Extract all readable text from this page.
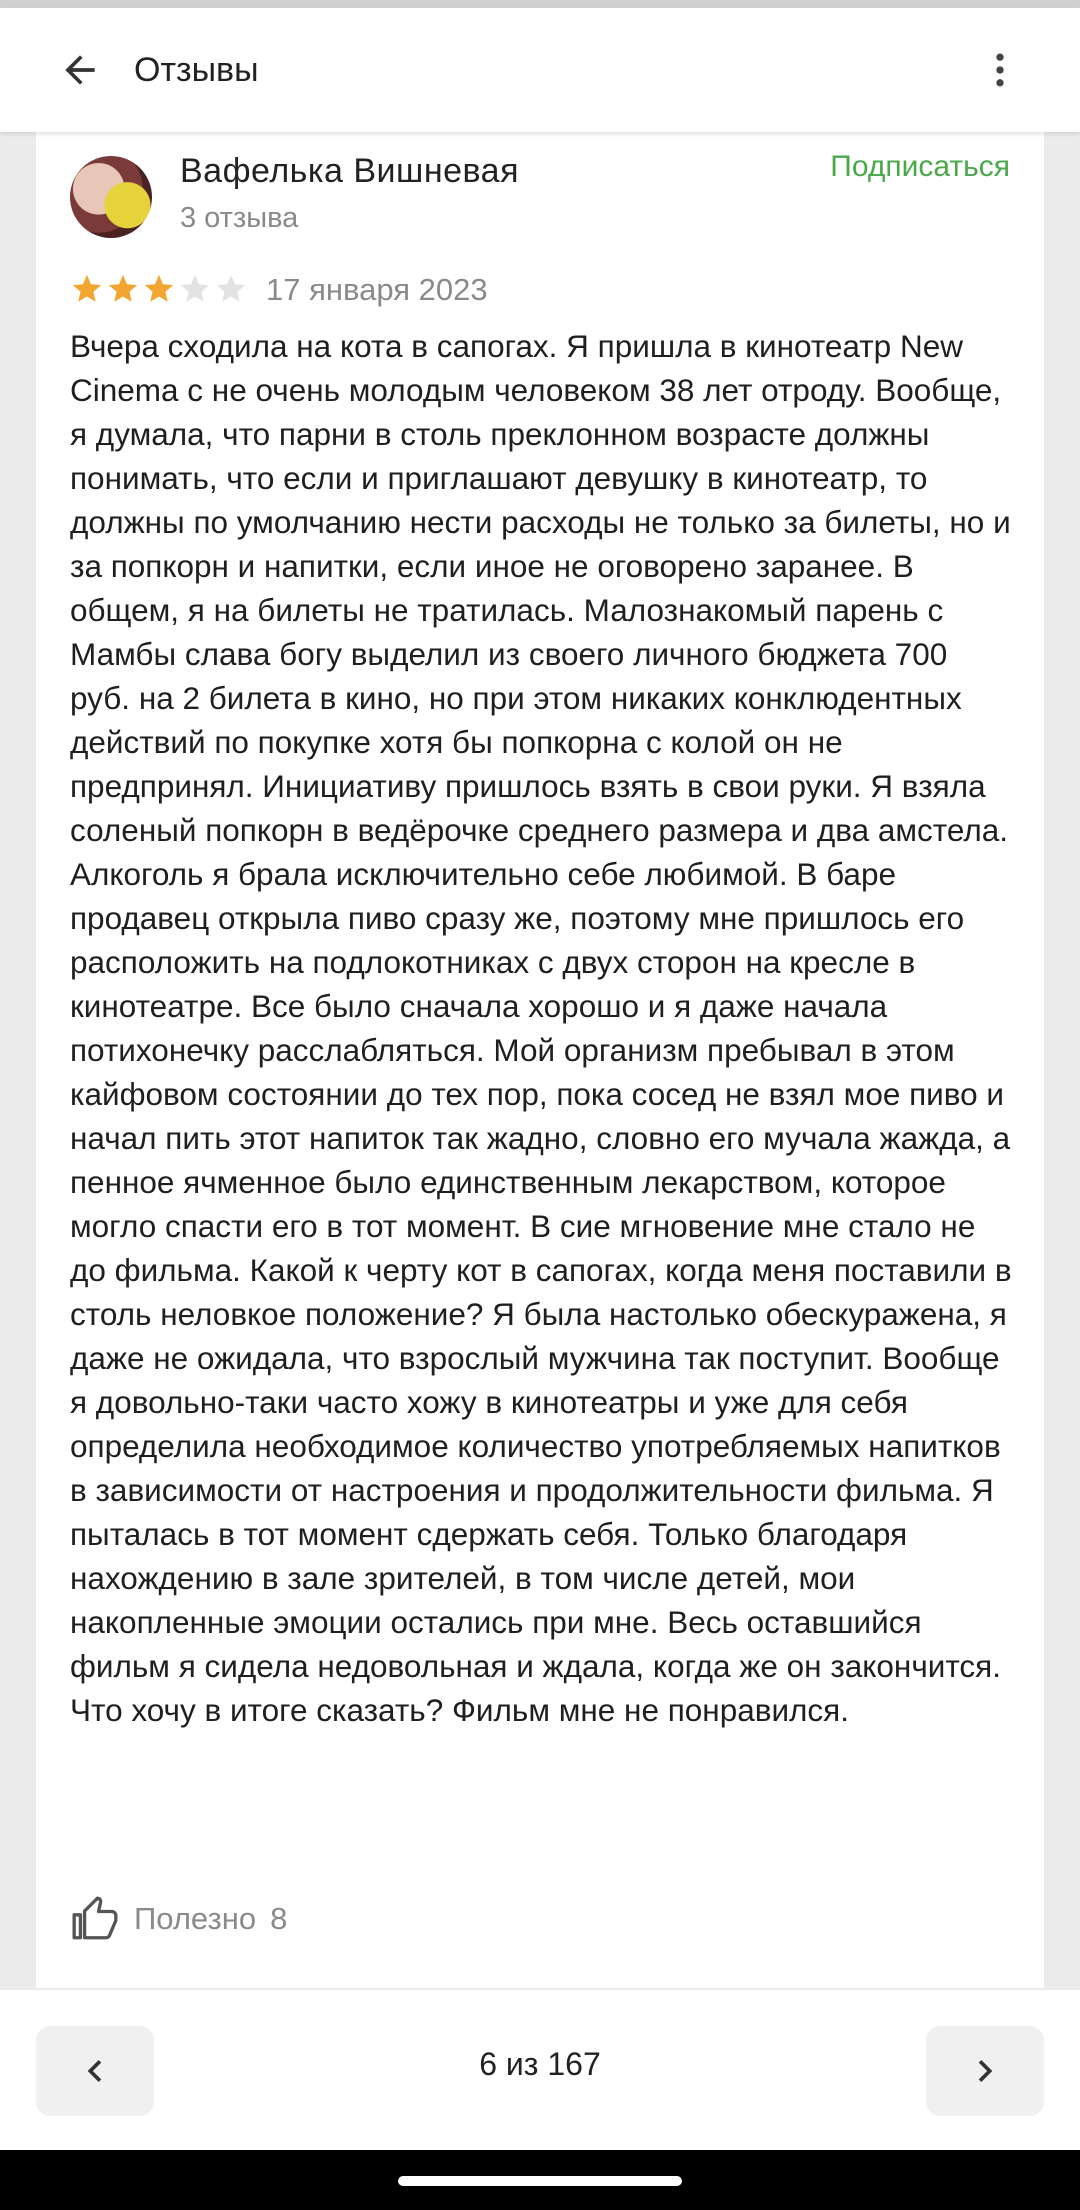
Отзывы
Вафелька Вишневая
3 отзыва
Подписаться
17 января 2023
Вчера сходила на кота в сапогах. Я пришла в кинотеатр New Cinema с не очень молодым человеком 38 лет отроду. Вообще, я думала, что парни в столь преклонном возрасте должны понимать, что если и приглашают девушку в кинотеатр, то должны по умолчанию нести расходы не только за билеты, но и за попкорн и напитки, если иное не оговорено заранее. В общем, я на билеты не тратилась. Малознакомый парень с Мамбы слава богу выделил из своего личного бюджета 700 руб. на 2 билета в кино, но при этом никаких конклюдентных действий по покупке хотя бы попкорна с колой он не предпринял. Инициативу пришлось взять в свои руки. Я взяла соленый попкорн в ведёрочке среднего размера и два амстела. Алкоголь я брала исключительно себе любимой. В баре продавец открыла пиво сразу же, поэтому мне пришлось его расположить на подлокотниках с двух сторон на кресле в кинотеатре. Все было сначала хорошо и я даже начала потихонечку расслабляться. Мой организм пребывал в этом кайфовом состоянии до тех пор, пока сосед не взял мое пиво и начал пить этот напиток так жадно, словно его мучала жажда, а пенное ячменное было единственным лекарством, которое могло спасти его в тот момент. В сие мгновение мне стало не до фильма. Какой к черту кот в сапогах, когда меня поставили в столь неловкое положение? Я была настолько обескуражена, я даже не ожидала, что взрослый мужчина так поступит. Вообще я довольно-таки часто хожу в кинотеатры и уже для себя определила необходимое количество употребляемых напитков в зависимости от настроения и продолжительности фильма. Я пыталась в тот момент сдержать себя. Только благодаря нахождению в зале зрителей, в том числе детей, мои накопленные эмоции остались при мне. Весь оставшийся фильм я сидела недовольная и ждала, когда же он закончится. Что хочу в итоге сказать? Фильм мне не понравился.
Полезно 8
6 из 167
